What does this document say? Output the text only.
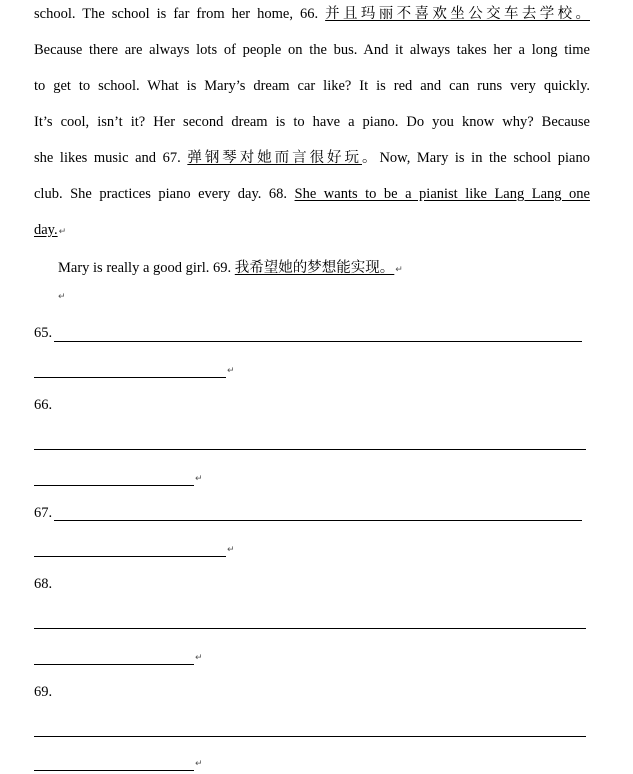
school. The school is far from her home, 66. 并且玛丽不喜欢坐公交车去学校。

Because there are always lots of people on the bus. And it always takes her a long time

to get to school. What is Mary’s dream car like? It is red and can runs very quickly.

It’s cool, isn’t it? Her second dream is to have a piano. Do you know why? Because

she likes music and 67. 弹钢琴对她而言很好玩。Now, Mary is in the school piano

club. She practices piano every day. 68. She wants to be a pianist like Lang Lang one

day.↵

Mary is really a good girl. 69. 我希望她的梦想能实现。↵

↵
65.
↵
66.
↵
67.
↵
68.
↵
69.
↵
